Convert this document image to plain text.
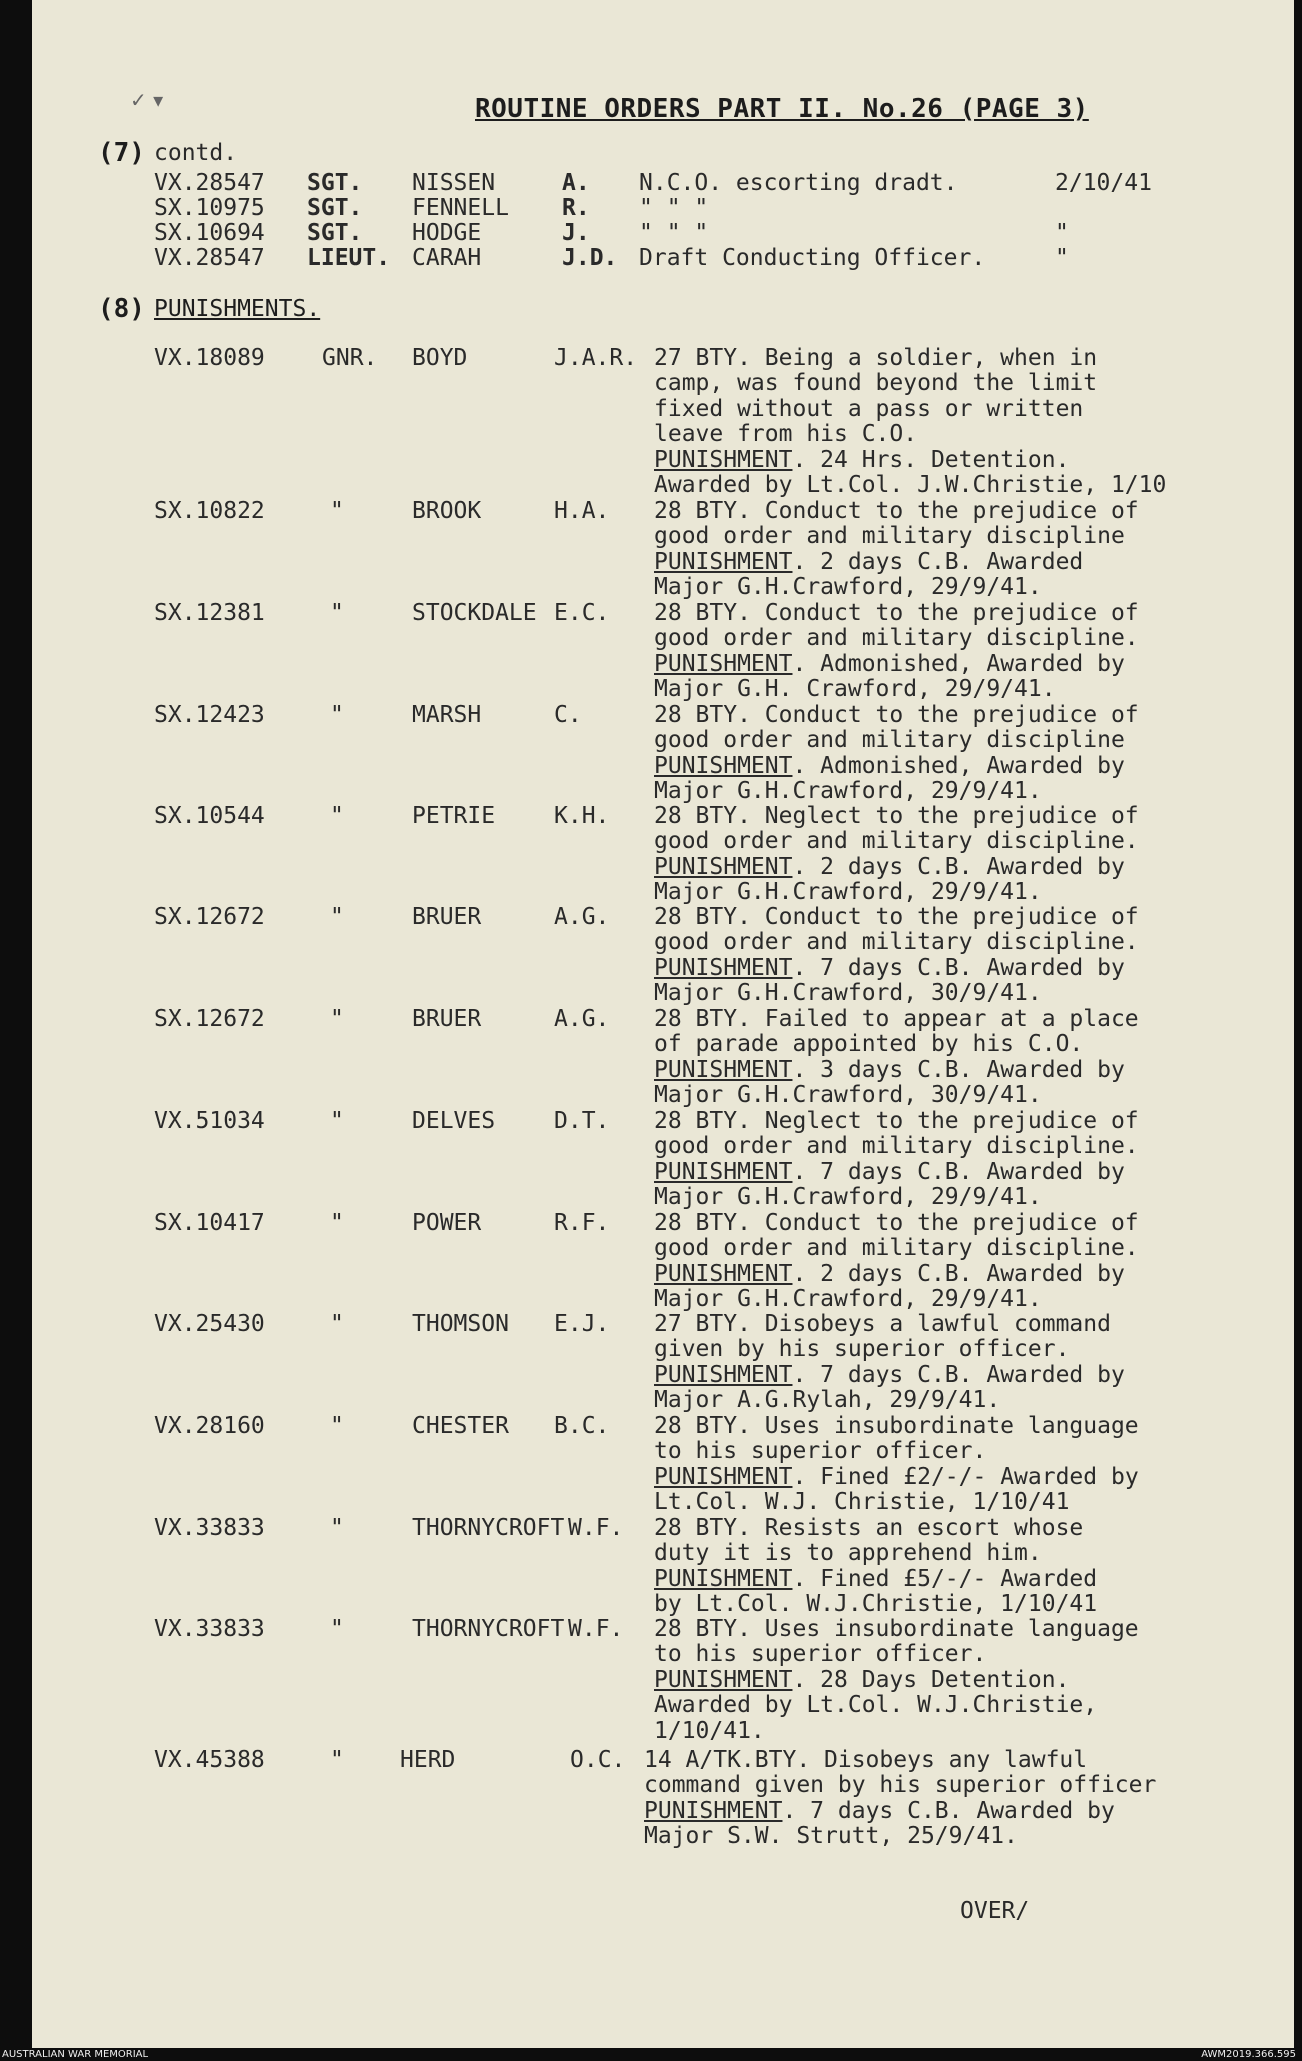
✓ ▾	ROUTINE ORDERS PART II. No.26 (PAGE 3)
(7) contd.
VX.28547 SGT. NISSEN	A. N.C.O. escorting dradt.	2/10/41
SX.10975 SGT. FENNELL R. " " "
SX.10694 SGT. HODGE	J. " " "	"
VX.28547 LIEUT. CARAH	J.D. Draft Conducting Officer.	"
(8) PUNISHMENTS.
VX.18089 GNR. BOYD	J.A.R. 27 BTY. Being a soldier, when in
camp, was found beyond the limit
fixed without a pass or written
leave from his C.O.
PUNISHMENT. 24 Hrs. Detention.
Awarded by Lt.Col. J.W.Christie, 1/10
SX.10822	"	BROOK	H.A. 28 BTY. Conduct to the prejudice of
good order and military discipline
PUNISHMENT. 2 days C.B. Awarded
Major G.H.Crawford, 29/9/41.
SX.12381	"	STOCKDALE E.C. 28 BTY. Conduct to the prejudice of
good order and military discipline.
PUNISHMENT. Admonished, Awarded by
Major G.H. Crawford, 29/9/41.
SX.12423	"	MARSH	C.	28 BTY. Conduct to the prejudice of
good order and military discipline
PUNISHMENT. Admonished, Awarded by
Major G.H.Crawford, 29/9/41.
SX.10544	"	PETRIE	K.H. 28 BTY. Neglect to the prejudice of
good order and military discipline.
PUNISHMENT. 2 days C.B. Awarded by
Major G.H.Crawford, 29/9/41.
SX.12672	"	BRUER	A.G. 28 BTY. Conduct to the prejudice of
good order and military discipline.
PUNISHMENT. 7 days C.B. Awarded by
Major G.H.Crawford, 30/9/41.
SX.12672	"	BRUER	A.G. 28 BTY. Failed to appear at a place
of parade appointed by his C.O.
PUNISHMENT. 3 days C.B. Awarded by
Major G.H.Crawford, 30/9/41.
VX.51034	"	DELVES	D.T. 28 BTY. Neglect to the prejudice of
good order and military discipline.
PUNISHMENT. 7 days C.B. Awarded by
Major G.H.Crawford, 29/9/41.
SX.10417	"	POWER	R.F. 28 BTY. Conduct to the prejudice of
good order and military discipline.
PUNISHMENT. 2 days C.B. Awarded by
Major G.H.Crawford, 29/9/41.
VX.25430	"	THOMSON E.J. 27 BTY. Disobeys a lawful command
given by his superior officer.
PUNISHMENT. 7 days C.B. Awarded by
Major A.G.Rylah, 29/9/41.
VX.28160	"	CHESTER B.C. 28 BTY. Uses insubordinate language
to his superior officer.
PUNISHMENT. Fined £2/-/- Awarded by
Lt.Col. W.J. Christie, 1/10/41
VX.33833	"	THORNYCROFT W.F. 28 BTY. Resists an escort whose
duty it is to apprehend him.
PUNISHMENT. Fined £5/-/- Awarded
by Lt.Col. W.J.Christie, 1/10/41
VX.33833	"	THORNYCROFT W.F. 28 BTY. Uses insubordinate language
to his superior officer.
PUNISHMENT. 28 Days Detention.
Awarded by Lt.Col. W.J.Christie,
1/10/41.
VX.45388	" HERD	O.C. 14 A/TK.BTY. Disobeys any lawful
command given by his superior officer
PUNISHMENT. 7 days C.B. Awarded by
Major S.W. Strutt, 25/9/41.
OVER/
AUSTRALIAN WAR MEMORIAL	AWM2019.366.595
